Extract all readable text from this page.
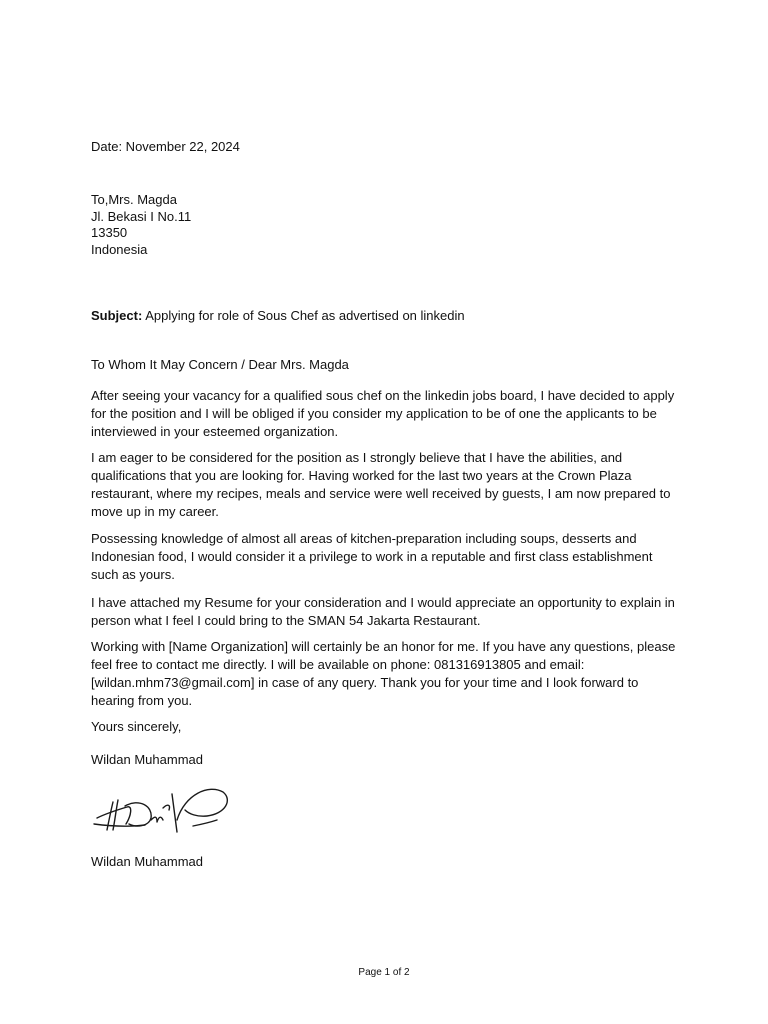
Date: November 22, 2024

To,Mrs. Magda
Jl. Bekasi I No.11
13350
Indonesia

Subject: Applying for role of Sous Chef as advertised on linkedin

To Whom It May Concern / Dear Mrs. Magda

After seeing your vacancy for a qualified sous chef on the linkedin jobs board, I have decided to apply for the position and I will be obliged if you consider my application to be of one the applicants to be interviewed in your esteemed organization.

I am eager to be considered for the position as I strongly believe that I have the abilities, and qualifications that you are looking for. Having worked for the last two years at the Crown Plaza restaurant, where my recipes, meals and service were well received by guests, I am now prepared to move up in my career.

Possessing knowledge of almost all areas of kitchen-preparation including soups, desserts and Indonesian food, I would consider it a privilege to work in a reputable and first class establishment such as yours.

I have attached my Resume for your consideration and I would appreciate an opportunity to explain in person what I feel I could bring to the SMAN 54 Jakarta Restaurant.

Working with [Name Organization] will certainly be an honor for me. If you have any questions, please feel free to contact me directly. I will be available on phone: 081316913805 and email: [wildan.mhm73@gmail.com] in case of any query. Thank you for your time and I look forward to hearing from you.

Yours sincerely,

Wildan Muhammad

Wildan Muhammad

Page 1 of 2
